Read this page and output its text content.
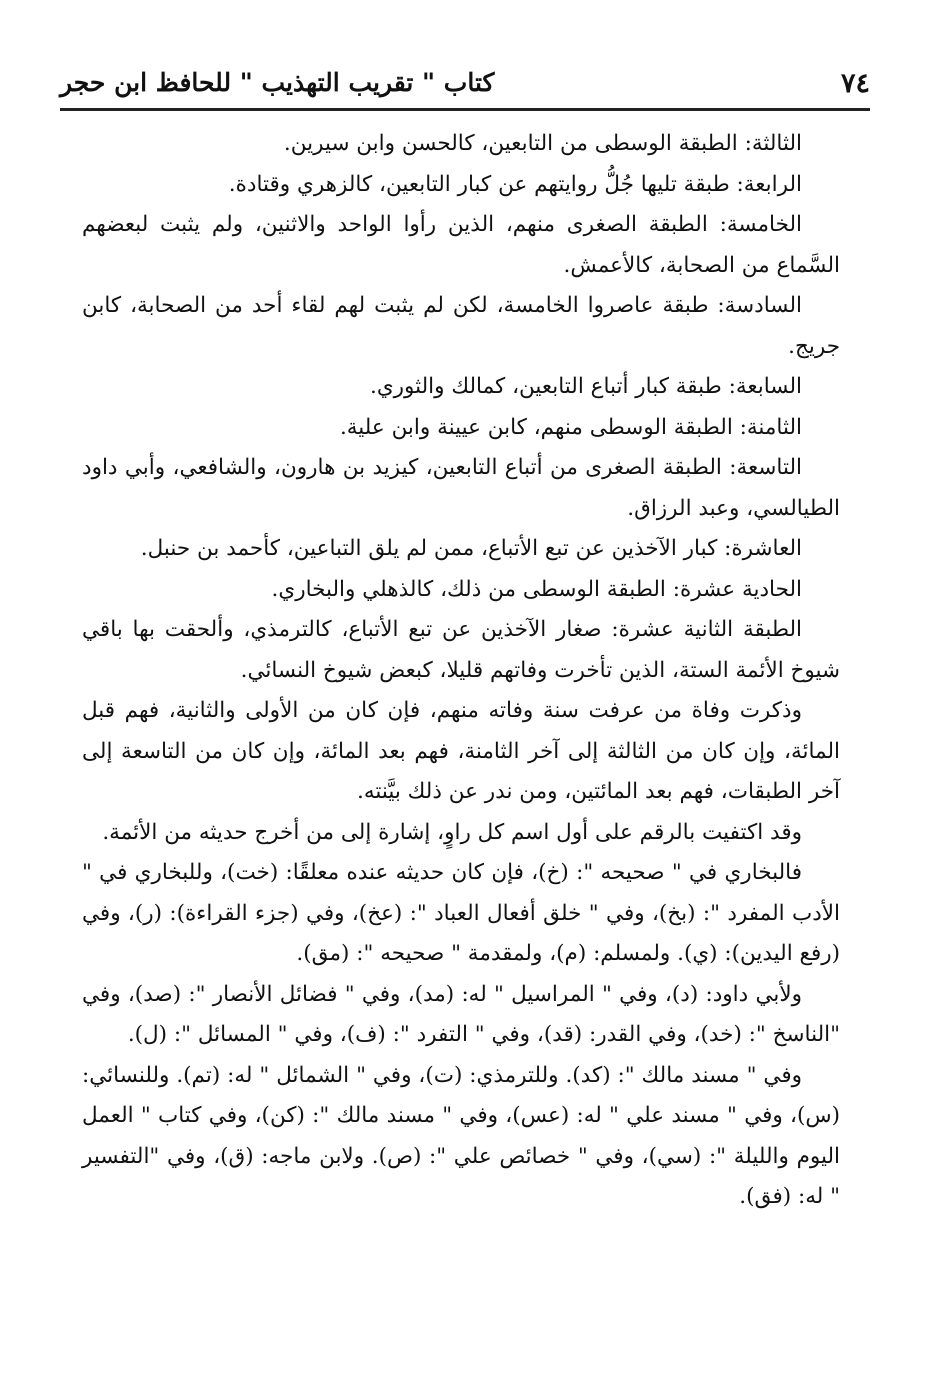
٧٤
كتاب " تقريب التهذيب " للحافظ ابن حجر

الثالثة: الطبقة الوسطى من التابعين، كالحسن وابن سيرين.

الرابعة: طبقة تليها جُلُّ روايتهم عن كبار التابعين، كالزهري وقتادة.

الخامسة: الطبقة الصغرى منهم، الذين رأوا الواحد والاثنين، ولم يثبت لبعضهم السَّماع من الصحابة، كالأعمش.

السادسة: طبقة عاصروا الخامسة، لكن لم يثبت لهم لقاء أحد من الصحابة، كابن جريج.

السابعة: طبقة كبار أتباع التابعين، كمالك والثوري.

الثامنة: الطبقة الوسطى منهم، كابن عيينة وابن علية.

التاسعة: الطبقة الصغرى من أتباع التابعين، كيزيد بن هارون، والشافعي، وأبي داود الطيالسي، وعبد الرزاق.

العاشرة: كبار الآخذين عن تبع الأتباع، ممن لم يلق التباعين، كأحمد بن حنبل.

الحادية عشرة: الطبقة الوسطى من ذلك، كالذهلي والبخاري.

الطبقة الثانية عشرة: صغار الآخذين عن تبع الأتباع، كالترمذي، وألحقت بها باقي شيوخ الأئمة الستة، الذين تأخرت وفاتهم قليلا، كبعض شيوخ النسائي.

وذكرت وفاة من عرفت سنة وفاته منهم، فإن كان من الأولى والثانية، فهم قبل المائة، وإن كان من الثالثة إلى آخر الثامنة، فهم بعد المائة، وإن كان من التاسعة إلى آخر الطبقات، فهم بعد المائتين، ومن ندر عن ذلك بيَّنته.

وقد اكتفيت بالرقم على أول اسم كل راوٍ، إشارة إلى من أخرج حديثه من الأئمة.

فالبخاري في " صحيحه ": (خ)، فإن كان حديثه عنده معلقًا: (خت)، وللبخاري في " الأدب المفرد ": (بخ)، وفي " خلق أفعال العباد ": (عخ)، وفي (جزء القراءة): (ر)، وفي (رفع اليدين): (ي). ولمسلم: (م)، ولمقدمة " صحيحه ": (مق).

ولأبي داود: (د)، وفي " المراسيل " له: (مد)، وفي " فضائل الأنصار ": (صد)، وفي "الناسخ ": (خد)، وفي القدر: (قد)، وفي " التفرد ": (ف)، وفي " المسائل ": (ل).

وفي " مسند مالك ": (كد). وللترمذي: (ت)، وفي " الشمائل " له: (تم). وللنسائي: (س)، وفي " مسند علي " له: (عس)، وفي " مسند مالك ": (كن)، وفي كتاب " العمل اليوم والليلة ": (سي)، وفي " خصائص علي ": (ص). ولابن ماجه: (ق)، وفي "التفسير " له: (فق).
